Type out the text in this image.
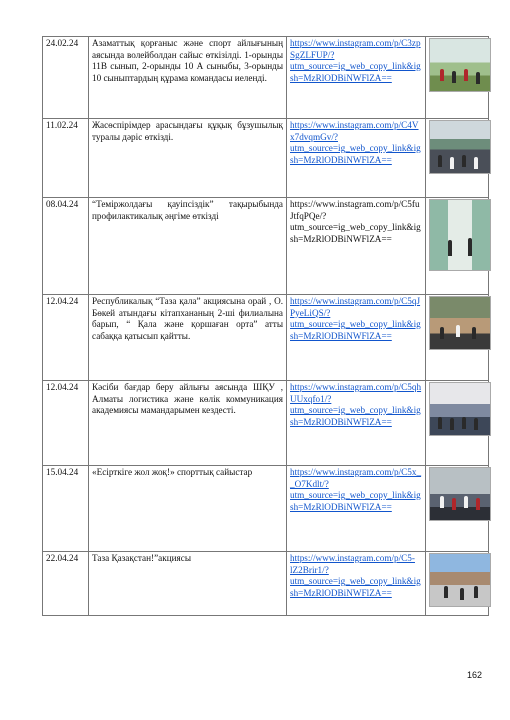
24.02.24	Азаматтық қорғаныс және спорт айлығының аясында волейболдан сайыс өткізілді. 1-орынды 11В сынып, 2-орынды 10 А сыныбы, 3-орынды 10 сыныптардың құрама командасы иеленді.	https://www.instagram.com/p/C3zpSgZLFUP/?utm_source=ig_web_copy_link&igsh=MzRlODBiNWFlZA==	

11.02.24	Жасөспірімдер арасындағы құқық бұзушылық туралы дәріс өткізді.	https://www.instagram.com/p/C4Vx7dvqmGv/?utm_source=ig_web_copy_link&igsh=MzRlODBiNWFlZA==	

08.04.24	“Теміржолдағы қауіпсіздік” тақырыбында профилактикалық әңгіме өткізді	https://www.instagram.com/p/C5fuJtfqPQe/?utm_source=ig_web_copy_link&igsh=MzRlODBiNWFlZA==	

12.04.24	Республикалық “Таза қала” акциясына орай , О. Бөкей атындағы кітапхананың 2-ші филиалына барып, “ Қала және қоршаған орта” атты сабаққа қатысып қайтты.	https://www.instagram.com/p/C5qJPyeLiQS/?utm_source=ig_web_copy_link&igsh=MzRlODBiNWFlZA==	

12.04.24	Кәсіби бағдар беру айлығы аясында ШҚУ , Алматы логистика және көлік коммуникация академиясы мамандарымен кездесті.	https://www.instagram.com/p/C5qhUUxqfo1/?utm_source=ig_web_copy_link&igsh=MzRlODBiNWFlZA==	

15.04.24	«Есірткіге жол жоқ!» спорттық сайыстар	https://www.instagram.com/p/C5x__O7Kdlt/?utm_source=ig_web_copy_link&igsh=MzRlODBiNWFlZA==	

22.04.24	Таза Қазақстан!”акциясы	https://www.instagram.com/p/C5-lZ2Brir1/?utm_source=ig_web_copy_link&igsh=MzRlODBiNWFlZA==	
162
